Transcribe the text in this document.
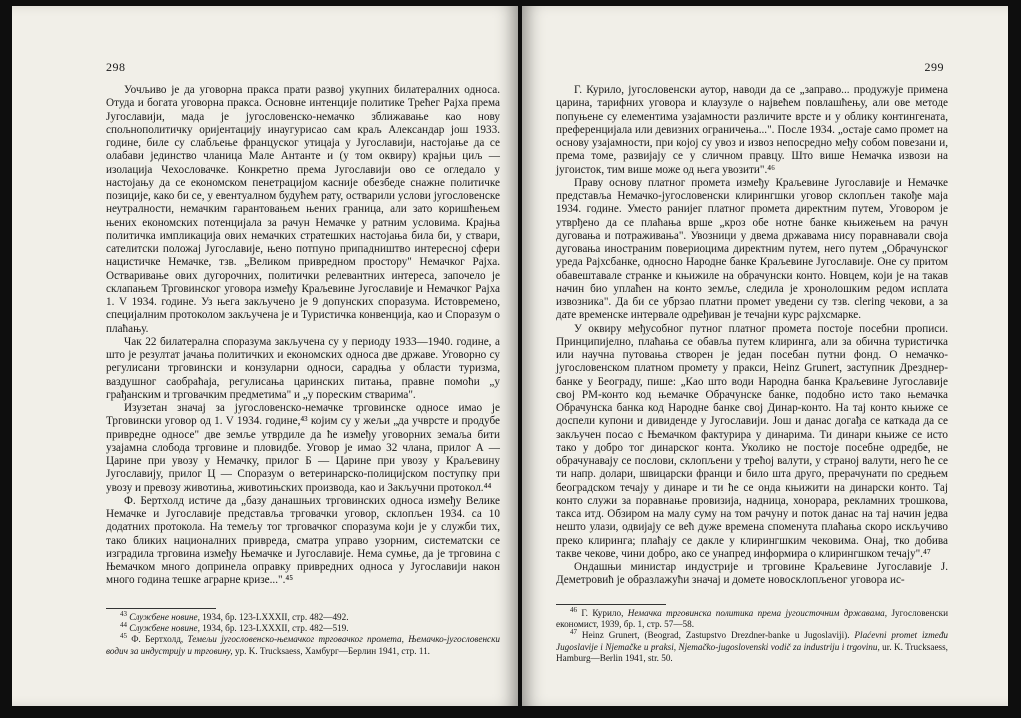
298

Уочљиво је да уговорна пракса прати развој укупних билатералних односа. Отуда и богата уговорна пракса. Основне интенције политике Трећег Рајха према Југославији, мада је југословенско-немачко зближавање као нову спољнополитичку оријентацију инаугурисао сам краљ Александар још 1933. године, биле су слабљење француског утицаја у Југославији, настојање да се олабави јединство чланица Мале Антанте и (у том оквиру) крајњи циљ — изолација Чехословачке. Конкретно према Југославији ово се огледало у настојању да се економском пенетрацијом касније обезбеде снажне политичке позиције, како би се, у евентуалном будућем рату, остварили услови југословенске неутралности, немачким гарантовањем њених граница, али зато коришћењем њених економских потенцијала за рачун Немачке у ратним условима. Крајња политичка импликација ових немачких стратешких настојања била би, у ствари, сателитски положај Југославије, њено потпуно припадништво интересној сфери нацистичке Немачке, тзв. „Великом привредном простору" Немачког Рајха. Остваривање ових дугорочних, политички релевантних интереса, започело је склапањем Трговинског уговора између Краљевине Југославије и Немачког Рајха 1. V 1934. године. Уз њега закључено је 9 допунских споразума. Истовремено, специјалним протоколом закључена је и Туристичка конвенција, као и Споразум о плаћању.

Чак 22 билатерална споразума закључена су у периоду 1933—1940. године, а што је резултат јачања политичких и економских односа две државе. Уговорно су регулисани трговински и конзуларни односи, сарадња у области туризма, ваздушног саобраћаја, регулисања царинских питања, правне помоћи „у грађанским и трговачким предметима" и „у пореским стварима".

Изузетан значај за југословенско-немачке трговинске односе имао је Трговински уговор од 1. V 1934. године,⁴³ којим су у жељи „да учврсте и продубе привредне односе" две земље утврдиле да ће између уговорних земаља бити узајамна слобода трговине и пловидбе. Уговор је имао 32 члана, прилог А — Царине при увозу у Немачку, прилог Б — Царине при увозу у Краљевину Југославију, прилог Ц — Споразум о ветеринарско-полицијском поступку при увозу и превозу животиња, животињских производа, као и Закључни протокол.⁴⁴

Ф. Бертхолд истиче да „базу данашњих трговинских односа између Велике Немачке и Југославије представља трговачки уговор, склопљен 1934. са 10 додатних протокола. На темељу тог трговачког споразума који је у служби тих, тако бликих националних привреда, сматра управо узорним, систематски се изградила трговина између Њемачке и Југославије. Нема сумње, да је трговина с Њемачком много допринела оправку привредних односа у Југославији након много година тешке аграрне кризе...".⁴⁵

$^{43}$ Службене новине, 1934, бр. 123-LXXXII, стр. 482—492.

$^{44}$ Службене новине, 1934, бр. 123-LXXXII, стр. 482—519.

$^{45}$ Ф. Бертхолд, Темељи југословенско-њемачког трговачког промета, Њемачко-југословенски водич за индустрију и трговину, ур. K. Trucksaess, Хамбург—Берлин 1941, стр. 11.

299

Г. Курило, југословенски аутор, наводи да се „заправо... продужује примена царина, тарифних уговора и клаузуле о највећем повлашћењу, али ове методе попуњене су елементима узајамности различите врсте и у облику контингената, преференцијала или девизних ограничења...". После 1934. „остаје само промет на основу узајамности, при којој су увоз и извоз непосредно међу собом повезани и, према томе, развијају се у сличном правцу. Што више Немачка извози на југоисток, тим више може од њега увозити".⁴⁶

Праву основу платног промета између Краљевине Југославије и Немачке представља Немачко-југословенски клирингшки уговор склопљен такође маја 1934. године. Уместо ранијег платног промета директним путем, Уговором је утврђено да се плаћања врше „кроз обе нотне банке књижењем на рачун дуговања и потраживања". Увозници у двема државама нису поравнавали своја дуговања иностраним повериоцима директним путем, него путем „Обрачунског уреда Рајхсбанке, односно Народне банке Краљевине Југославије. Оне су притом обавештавале странке и књижиле на обрачунски конто. Новцем, који је на такав начин био уплаћен на конто земље, следила је хронолошким редом исплата извозника". Да би се убрзао платни промет уведени су тзв. clering чекови, а за дате временске интервале одређиван је течајни курс рајхсмарке.

У оквиру међусобног путног платног промета постоје посебни прописи. Принципијелно, плаћања се обавља путем клиринга, али за обична туристичка или научна путовања створен је један посебан путни фонд. О немачко-југословенском платном промету у пракси, Heinz Grunert, заступник Дрезднер-банке у Београду, пише: „Као што води Народна банка Краљевине Југославије свој РМ-конто код њемачке Обрачунске банке, подобно исто тако њемачка Обрачунска банка код Народне банке свој Динар-конто. На тај конто књиже се доспели купони и дивиденде у Југославији. Још и данас догађа се каткада да се закључен посао с Њемачком фактурира у динарима. Ти динари књиже се исто тако у добро тог динарског конта. Уколико не постоје посебне одредбе, не обрачунавају се послови, склопљени у трећој валути, у страној валути, него ће се ти напр. долари, швицарски франци и било шта друго, прерачунати по средњем београдском течају у динаре и ти ће се онда књижити на динарски конто. Тај конто служи за поравнање провизија, надница, хонорара, рекламних трошкова, такса итд. Обзиром на малу суму на том рачуну и поток данас на тај начин једва нешто улази, одвијају се већ дуже времена споменута плаћања скоро искључиво преко клиринга; плаћају се дакле у клирингшким чековима. Онај, тко добива такве чекове, чини добро, ако се унапред информира о клирингшком течају".⁴⁷

Ондашњи министар индустрије и трговине Краљевине Југославије Ј. Деметровић је образлажући значај и домете новосклопљеног уговора ис-

$^{46}$ Г. Курило, Немачка трговинска политика према југоисточним државама, Југословенски економист, 1939, бр. 1, стр. 57—58.

$^{47}$ Heinz Grunert, (Beograd, Zastupstvo Drezdner-banke u Jugoslaviji). Plaćevni promet između Jugoslavije i Njemačke u praksi, Njemačko-jugoslovenski vodič za industriju i trgovinu, ur. K. Trucksaess, Hamburg—Berlin 1941, str. 50.
